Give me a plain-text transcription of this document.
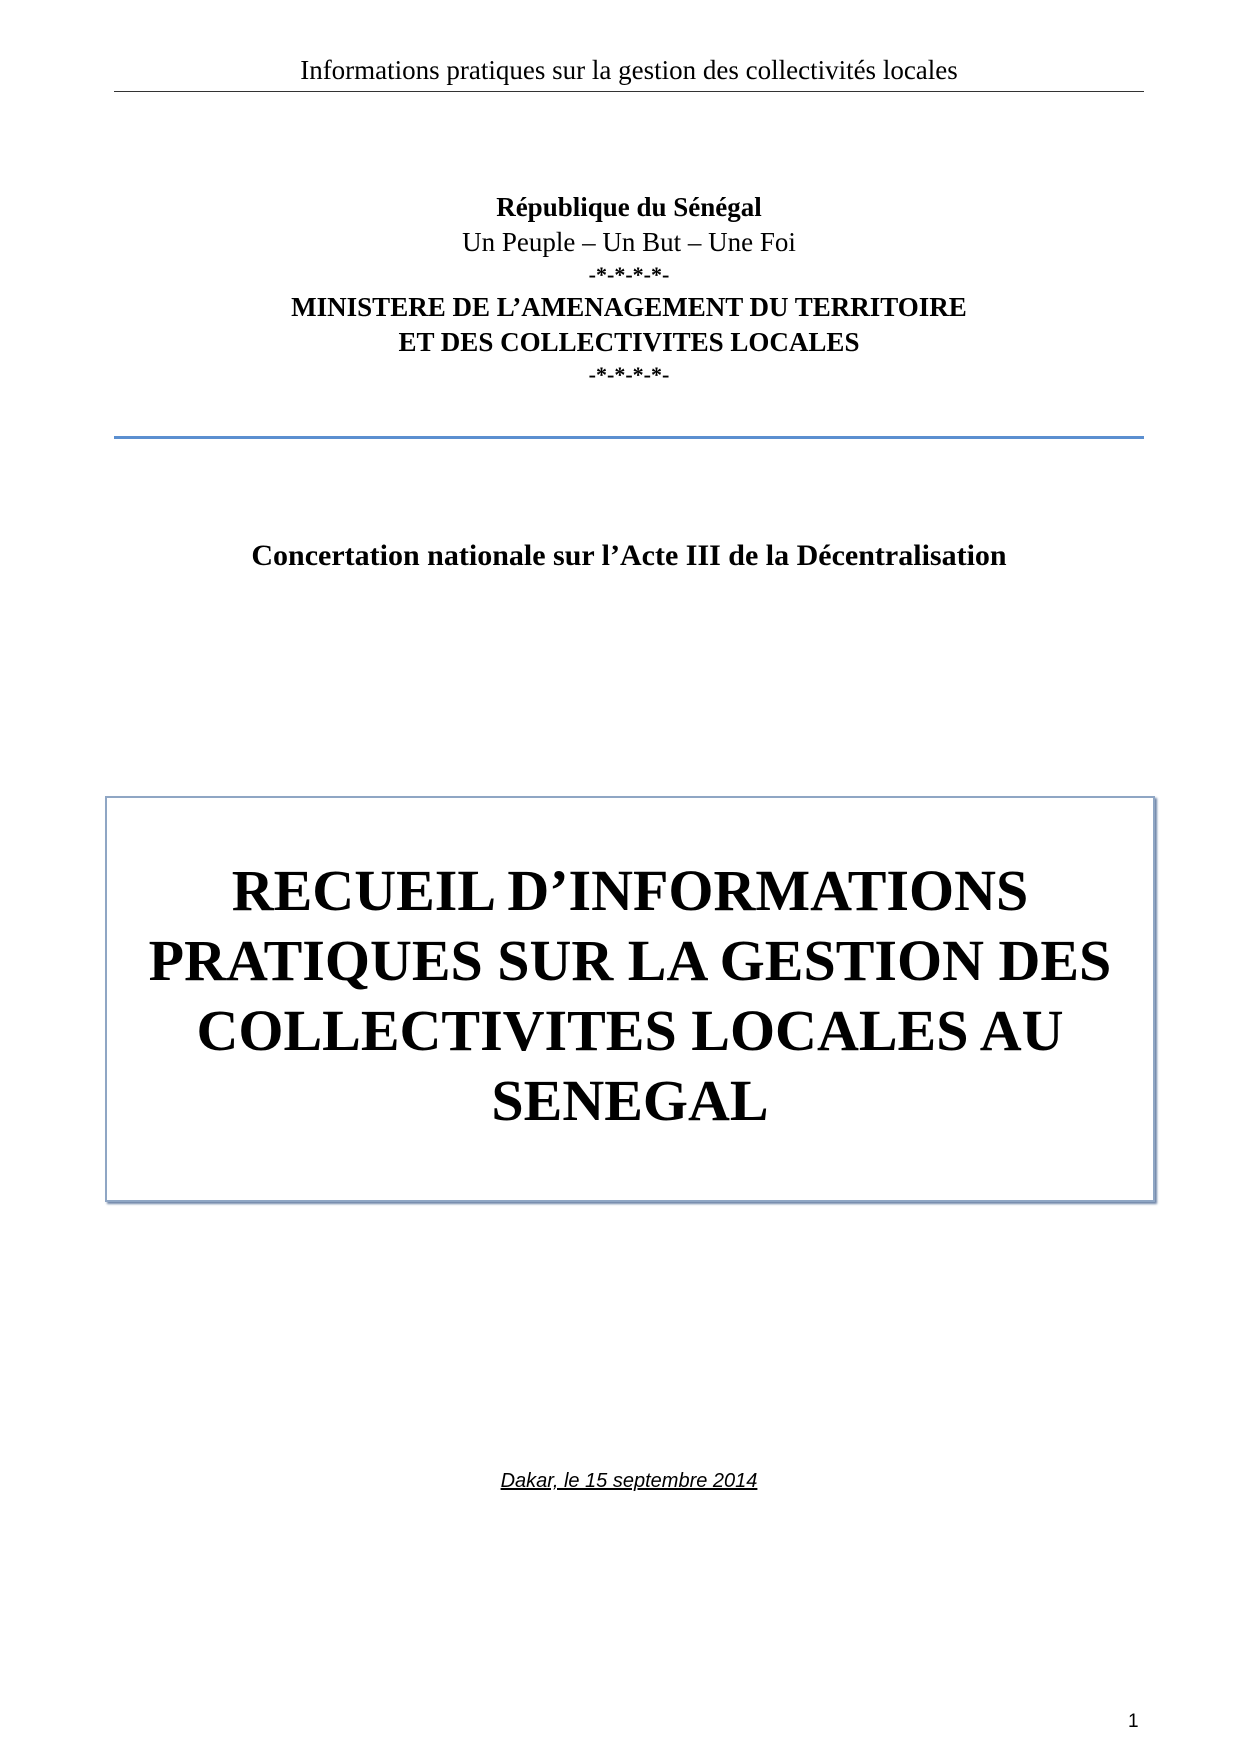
Informations pratiques sur la gestion des collectivités locales
République du Sénégal
Un Peuple – Un But – Une Foi
-*-*-*-*-
MINISTERE DE L’AMENAGEMENT DU TERRITOIRE
ET DES COLLECTIVITES LOCALES
-*-*-*-*-
Concertation nationale sur l’Acte III de la Décentralisation
RECUEIL D’INFORMATIONS
PRATIQUES SUR LA GESTION DES
COLLECTIVITES LOCALES AU
SENEGAL
Dakar, le 15 septembre 2014
1
